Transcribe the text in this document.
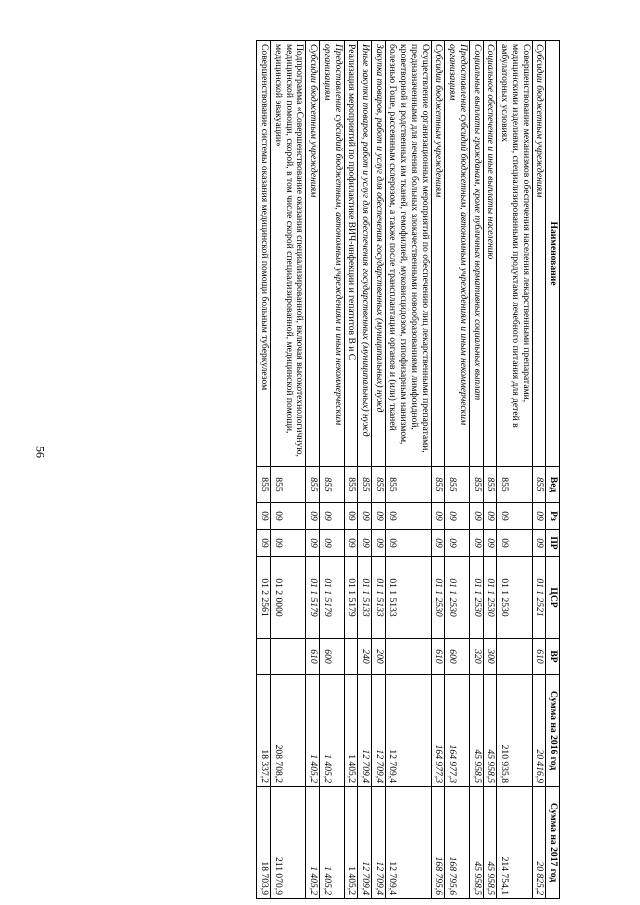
56
Наименование	Вед	Рз	ПР	ЦСР	ВР	Сумма на 2016 год	Сумма на 2017 год
Субсидии бюджетным учреждениям	855	09	09	01 1 2521	610	20 416,9	20 825,2
Совершенствование механизмов обеспечения населения лекарственными препаратами, медицинскими изделиями, специализированными продуктами лечебного питания для детей в амбулаторных условиях	855	09	09	01 1 2530		210 935,8	214 754,1
Социальное обеспечение и иные выплаты населению	855	09	09	01 1 2530	300	45 958,5	45 958,5
Социальные выплаты гражданам, кроме публичных нормативных социальных выплат	855	09	09	01 1 2530	320	45 958,5	45 958,5
Предоставление субсидий бюджетным, автономным учреждениям и иным некоммерческим организациям	855	09	09	01 1 2530	600	164 977,3	168 795,6
Субсидии бюджетным учреждениям	855	09	09	01 1 2530	610	164 977,3	168 795,6
Осуществление организационных мероприятий по обеспечению лиц лекарственными препаратами, предназначенными для лечения больных злокачественными новообразованиями лимфоидной, кроветворной и родственных им тканей, гемофилией, муковисцидозом, гипофизарным нанизмом, болезнью Гоше, рассеянным склерозом, а также после трансплантации органов и (или) тканей	855	09	09	01 1 5133		12 709,4	12 709,4
Закупка товаров, работ и услуг для обеспечения государственных (муниципальных) нужд	855	09	09	01 1 5133	200	12 709,4	12 709,4
Иные закупки товаров, работ и услуг для обеспечения государственных (муниципальных) нужд	855	09	09	01 1 5133	240	12 709,4	12 709,4
Реализация мероприятий по профилактике ВИЧ-инфекции и гепатитов B и C	855	09	09	01 1 5179		1 405,2	1 405,2
Предоставление субсидий бюджетным, автономным учреждениям и иным некоммерческим организациям	855	09	09	01 1 5179	600	1 405,2	1 405,2
Субсидии бюджетным учреждениям	855	09	09	01 1 5179	610	1 405,2	1 405,2
Подпрограмма «Совершенствование оказания специализированной, включая высокотехнологичную, медицинской помощи, скорой, в том числе скорой специализированной, медицинской помощи, медицинской эвакуации»	855	09	09	01 2 0000		208 708,2	211 070,9
Совершенствование системы оказания медицинской помощи больным туберкулезом	855	09	09	01 2 2561		18 337,2	18 703,9
